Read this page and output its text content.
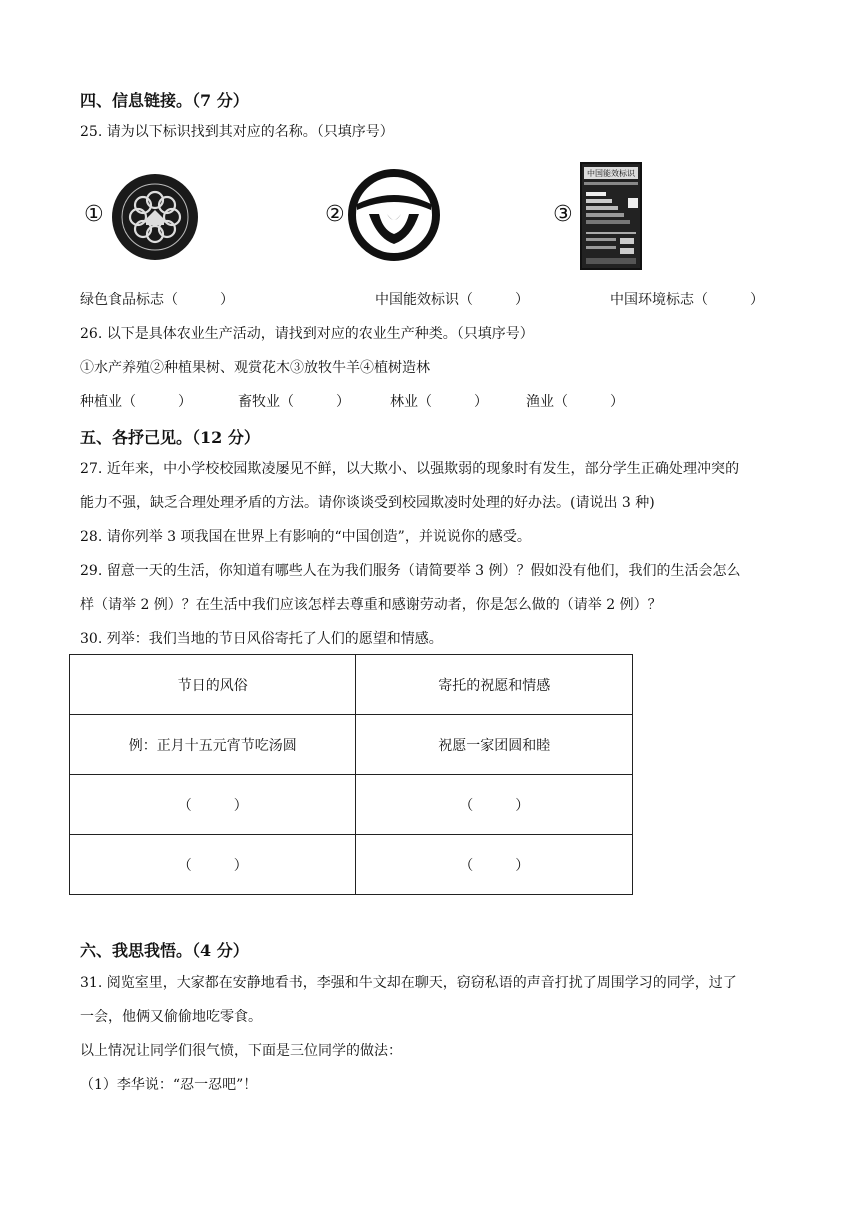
四、信息链接。（7 分）
25. 请为以下标识找到其对应的名称。（只填序号）
①	②	③
中国能效标识
绿色食品标志（　　　）	中国能效标识（　　　）	中国环境标志（　　　）
26. 以下是具体农业生产活动，请找到对应的农业生产种类。（只填序号）
①水产养殖②种植果树、观赏花木③放牧牛羊④植树造林
种植业（　　　）	畜牧业（　　　）	林业（　　　）	渔业（　　　）
五、各抒己见。（12 分）
27. 近年来，中小学校校园欺凌屡见不鲜，以大欺小、以强欺弱的现象时有发生，部分学生正确处理冲突的
能力不强，缺乏合理处理矛盾的方法。请你谈谈受到校园欺凌时处理的好办法。(请说出 3 种)
28. 请你列举 3 项我国在世界上有影响的“中国创造”，并说说你的感受。
29. 留意一天的生活，你知道有哪些人在为我们服务（请简要举 3 例）？假如没有他们，我们的生活会怎么
样（请举 2 例）？在生活中我们应该怎样去尊重和感谢劳动者，你是怎么做的（请举 2 例）？
30. 列举：我们当地的节日风俗寄托了人们的愿望和情感。
节日的风俗	寄托的祝愿和情感
例：正月十五元宵节吃汤圆	祝愿一家团圆和睦
（　　　）	（　　　）
（　　　）	（　　　）
六、我思我悟。（4 分）
31. 阅览室里，大家都在安静地看书，李强和牛文却在聊天，窃窃私语的声音打扰了周围学习的同学，过了
一会，他俩又偷偷地吃零食。
以上情况让同学们很气愤，下面是三位同学的做法：
（1）李华说：“忍一忍吧”！
